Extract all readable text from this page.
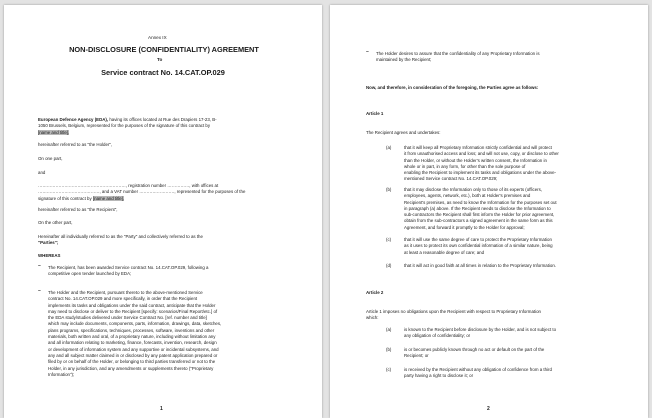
Annex IX
NON-DISCLOSURE (CONFIDENTIALITY) AGREEMENT
To
Service contract No. 14.CAT.OP.029
European Defence Agency (EDA), having its offices located at Rue des Drapiers 17-23, B-
1050 Brussels, Belgium, represented for the purposes of the signature of this contract by
[name and title],
hereinafter referred to as "the Holder",
On one part,
and
……………………………………………………, registration number ……………, with offices at
……………………………………, and a VAT number ……………………, represented for the purposes of the
signature of this contract by [name and title],
hereinafter referred to as "the Recipient",
On the other part,
Hereinafter all individually referred to as the "Party" and collectively referred to as the
"Parties";
WHEREAS
– The Recipient, has been awarded Service contract No. 14.CAT.OP.029, following a
competitive open tender launched by EDA;
– The Holder and the Recipient, pursuant thereto to the above-mentioned Service
contract No. 14.CAT.OP.029 and more specifically, in order that the Recipient
implements its tasks and obligations under the said contract, anticipate that the Holder
may need to disclose or deliver to the Recipient [specify: scenarios/Final Report/etc.] of
the EDA study/studies delivered under Service Contract No. [ref. number and title]
which may include documents, components, parts, information, drawings, data, sketches,
plans programs, specifications, techniques, processes, software, inventions and other
materials, both written and oral, of a proprietary nature, including without limitation any
and all information relating to marketing, finance, forecasts, invention, research, design
or development of information system and any supportive or incidental subsystems, and
any and all subject matter claimed in or disclosed by any patent application prepared or
filed by or on behalf of the Holder, or belonging to third parties transferred or not to the
Holder, in any jurisdiction, and any amendments or supplements thereto ("Proprietary
Information");
1
– The Holder desires to assure that the confidentiality of any Proprietary Information is
maintained by the Recipient;
Now, and therefore, in consideration of the foregoing, the Parties agree as follows:
Article 1
The Recipient agrees and undertakes:
(a)	that it will keep all Proprietary Information strictly confidential and will protect
it from unauthorised access and loss; and will not use, copy, or disclose to other
than the Holder, or without the Holder's written consent, the Information in
whole or in part, in any form, for other than the sole purpose of
enabling the Recipient to implement its tasks and obligations under the above-
mentioned Service contract No. 14.CAT.OP.029;
(b)	that it may disclose the Information only to those of its experts (officers,
employees, agents, network, etc.), both at Holder's premises and
Recipient's premises, as need to know the Information for the purposes set out
in paragraph (a) above. If the Recipient needs to disclose the Information to
sub-contractors the Recipient shall first inform the Holder for prior agreement,
obtain from the sub-contractors a signed agreement in the same form as this
Agreement, and forward it promptly to the Holder for approval;
(c)	that it will use the same degree of care to protect the Proprietary Information
as it uses to protect its own confidential information of a similar nature, being
at least a reasonable degree of care; and
(d)	that it will act in good faith at all times in relation to the Proprietary Information.
Article 2
Article 1 imposes no obligations upon the Recipient with respect to Proprietary Information
which:
(a)	is known to the Recipient before disclosure by the Holder, and is not subject to
any obligation of confidentiality; or
(b)	is or becomes publicly known through no act or default on the part of the
Recipient; or
(c)	is received by the Recipient without any obligation of confidence from a third
party having a right to disclose it; or
2
